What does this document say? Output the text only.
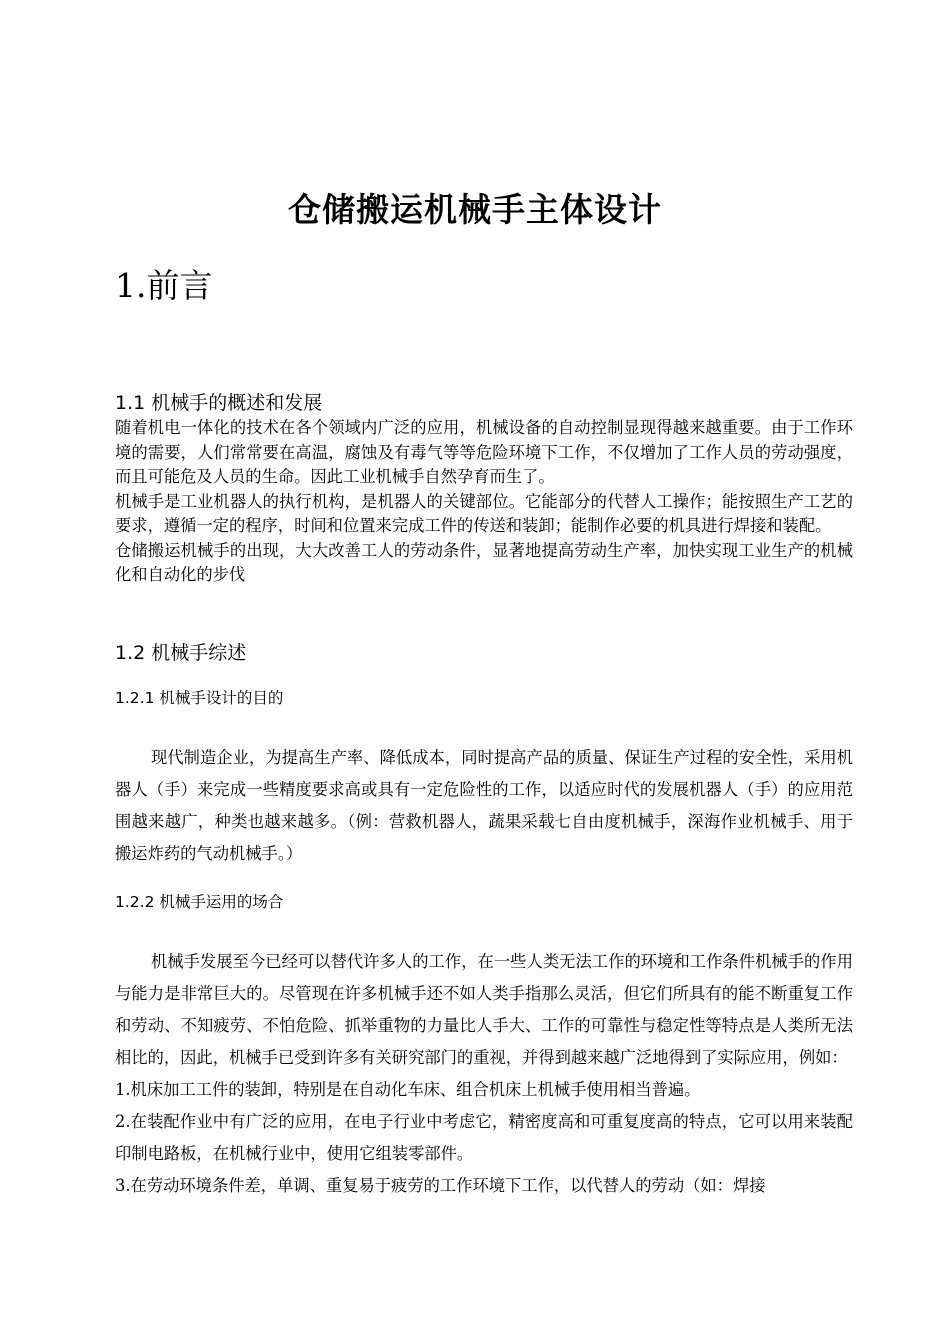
仓储搬运机械手主体设计
1.前言
1.1 机械手的概述和发展

随着机电一体化的技术在各个领域内广泛的应用，机械设备的自动控制显现得越来越重要。由于工作环境的需要，人们常常要在高温，腐蚀及有毒气等等危险环境下工作，不仅增加了工作人员的劳动强度，而且可能危及人员的生命。因此工业机械手自然孕育而生了。

机械手是工业机器人的执行机构，是机器人的关键部位。它能部分的代替人工操作；能按照生产工艺的要求，遵循一定的程序，时间和位置来完成工件的传送和装卸；能制作必要的机具进行焊接和装配。

仓储搬运机械手的出现，大大改善工人的劳动条件，显著地提高劳动生产率，加快实现工业生产的机械化和自动化的步伐

1.2 机械手综述
1.2.1 机械手设计的目的

现代制造企业，为提高生产率、降低成本，同时提高产品的质量、保证生产过程的安全性，采用机器人（手）来完成一些精度要求高或具有一定危险性的工作，以适应时代的发展机器人（手）的应用范围越来越广，种类也越来越多。（例：营救机器人，蔬果采载七自由度机械手，深海作业机械手、用于搬运炸药的气动机械手。）

1.2.2 机械手运用的场合

机械手发展至今已经可以替代许多人的工作，在一些人类无法工作的环境和工作条件机械手的作用与能力是非常巨大的。尽管现在许多机械手还不如人类手指那么灵活，但它们所具有的能不断重复工作和劳动、不知疲劳、不怕危险、抓举重物的力量比人手大、工作的可靠性与稳定性等特点是人类所无法相比的，因此，机械手已受到许多有关研究部门的重视，并得到越来越广泛地得到了实际应用，例如：

1.机床加工工件的装卸，特别是在自动化车床、组合机床上机械手使用相当普遍。

2.在装配作业中有广泛的应用，在电子行业中考虑它，精密度高和可重复度高的特点，它可以用来装配印制电路板，在机械行业中，使用它组装零部件。

3.在劳动环境条件差，单调、重复易于疲劳的工作环境下工作，以代替人的劳动（如：焊接
